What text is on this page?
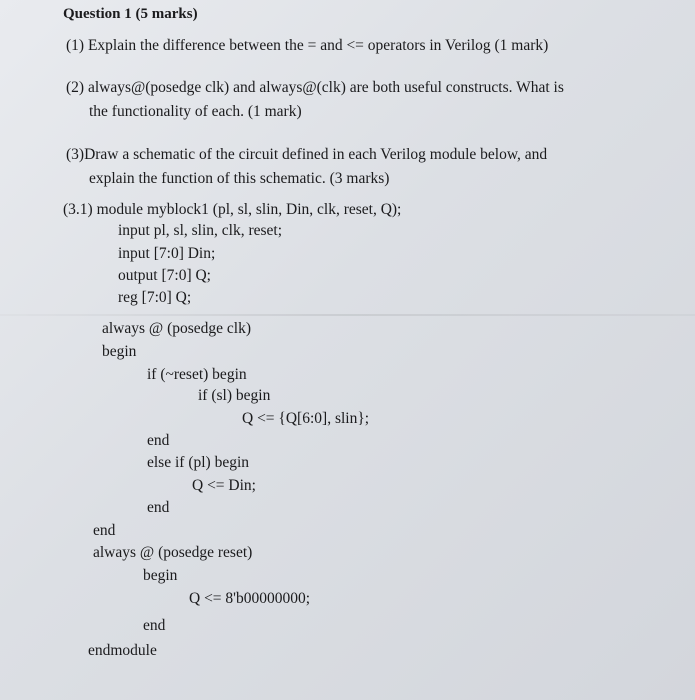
Question 1 (5 marks)
(1) Explain the difference between the = and <= operators in Verilog (1 mark)
(2) always@(posedge clk) and always@(clk) are both useful constructs. What is
the functionality of each. (1 mark)
(3)Draw a schematic of the circuit defined in each Verilog module below, and
explain the function of this schematic. (3 marks)
(3.1) module myblock1 (pl, sl, slin, Din, clk, reset, Q);
input pl, sl, slin, clk, reset;
input [7:0] Din;
output [7:0] Q;
reg [7:0] Q;
always @ (posedge clk)
begin
if (~reset) begin
if (sl) begin
Q <= {Q[6:0], slin};
end
else if (pl) begin
Q <= Din;
end
end
always @ (posedge reset)
begin
Q <= 8'b00000000;
end
endmodule
